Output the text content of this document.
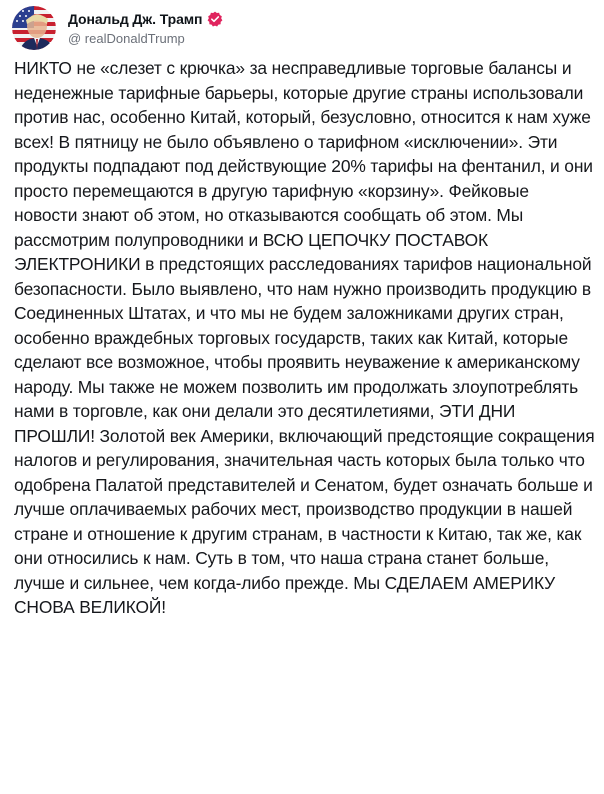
Дональд Дж. Трамп
@ realDonaldTrump
НИКТО не «слезет с крючка» за несправедливые торговые балансы и неденежные тарифные барьеры, которые другие страны использовали против нас, особенно Китай, который, безусловно, относится к нам хуже всех! В пятницу не было объявлено о тарифном «исключении». Эти продукты подпадают под действующие 20% тарифы на фентанил, и они просто перемещаются в другую тарифную «корзину». Фейковые новости знают об этом, но отказываются сообщать об этом. Мы рассмотрим полупроводники и ВСЮ ЦЕПОЧКУ ПОСТАВОК ЭЛЕКТРОНИКИ в предстоящих расследованиях тарифов национальной безопасности. Было выявлено, что нам нужно производить продукцию в Соединенных Штатах, и что мы не будем заложниками других стран, особенно враждебных торговых государств, таких как Китай, которые сделают все возможное, чтобы проявить неуважение к американскому народу. Мы также не можем позволить им продолжать злоупотреблять нами в торговле, как они делали это десятилетиями, ЭТИ ДНИ ПРОШЛИ! Золотой век Америки, включающий предстоящие сокращения налогов и регулирования, значительная часть которых была только что одобрена Палатой представителей и Сенатом, будет означать больше и лучше оплачиваемых рабочих мест, производство продукции в нашей стране и отношение к другим странам, в частности к Китаю, так же, как они относились к нам. Суть в том, что наша страна станет больше, лучше и сильнее, чем когда-либо прежде. Мы СДЕЛАЕМ АМЕРИКУ СНОВА ВЕЛИКОЙ!
